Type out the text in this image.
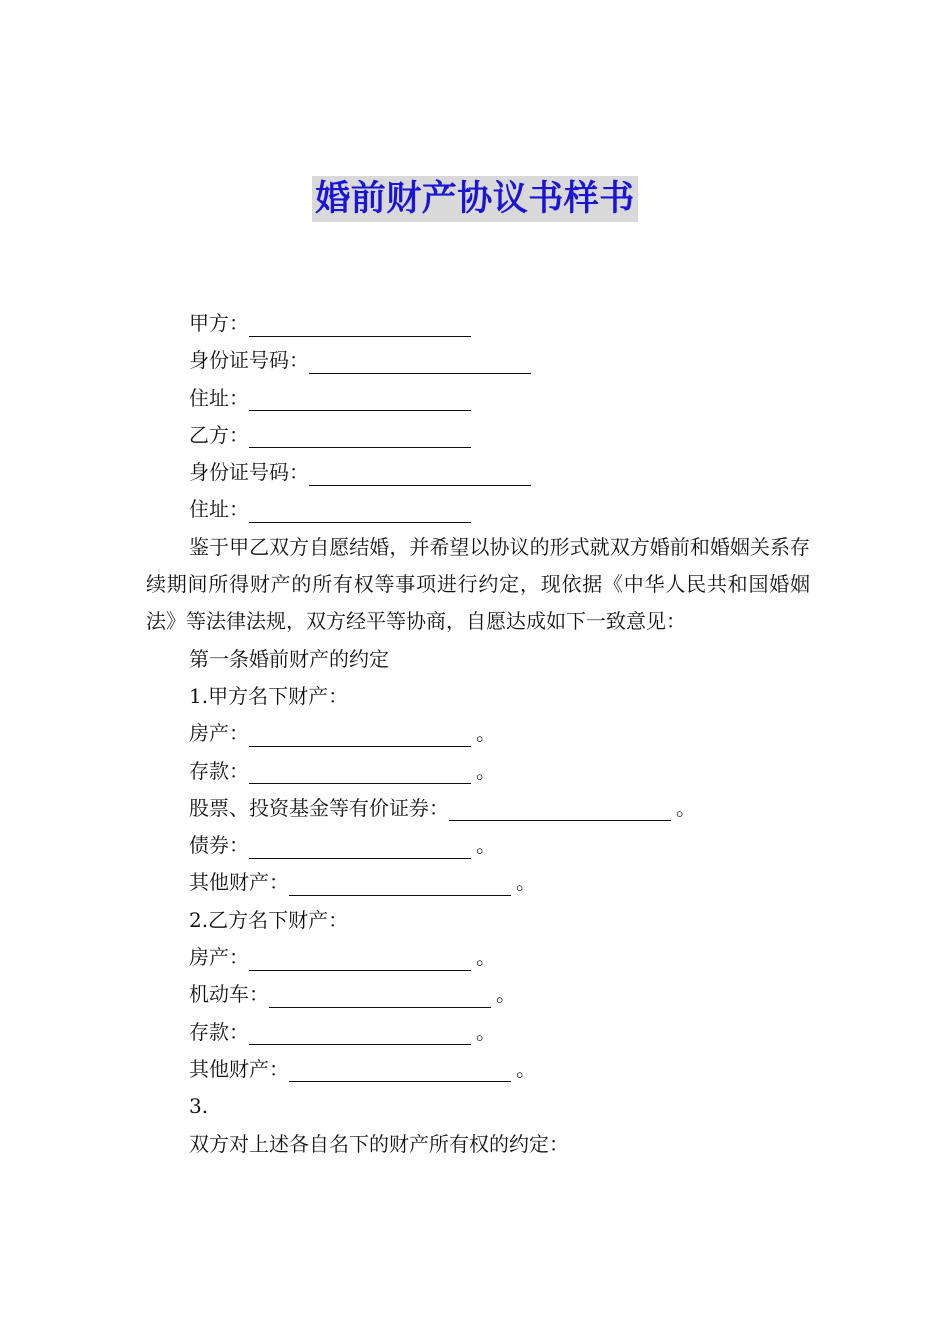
婚前财产协议书样书
甲方：
身份证号码：
住址：
乙方：
身份证号码：
住址：
鉴于甲乙双方自愿结婚，并希望以协议的形式就双方婚前和婚姻关系存续期间所得财产的所有权等事项进行约定，现依据《中华人民共和国婚姻法》等法律法规，双方经平等协商，自愿达成如下一致意见：
第一条婚前财产的约定
1.甲方名下财产：
房产：	。
存款：	。
股票、投资基金等有价证券：	。
债券：	。
其他财产：	。
2.乙方名下财产：
房产：	。
机动车：	。
存款：	。
其他财产：	。
3.
双方对上述各自名下的财产所有权的约定：
